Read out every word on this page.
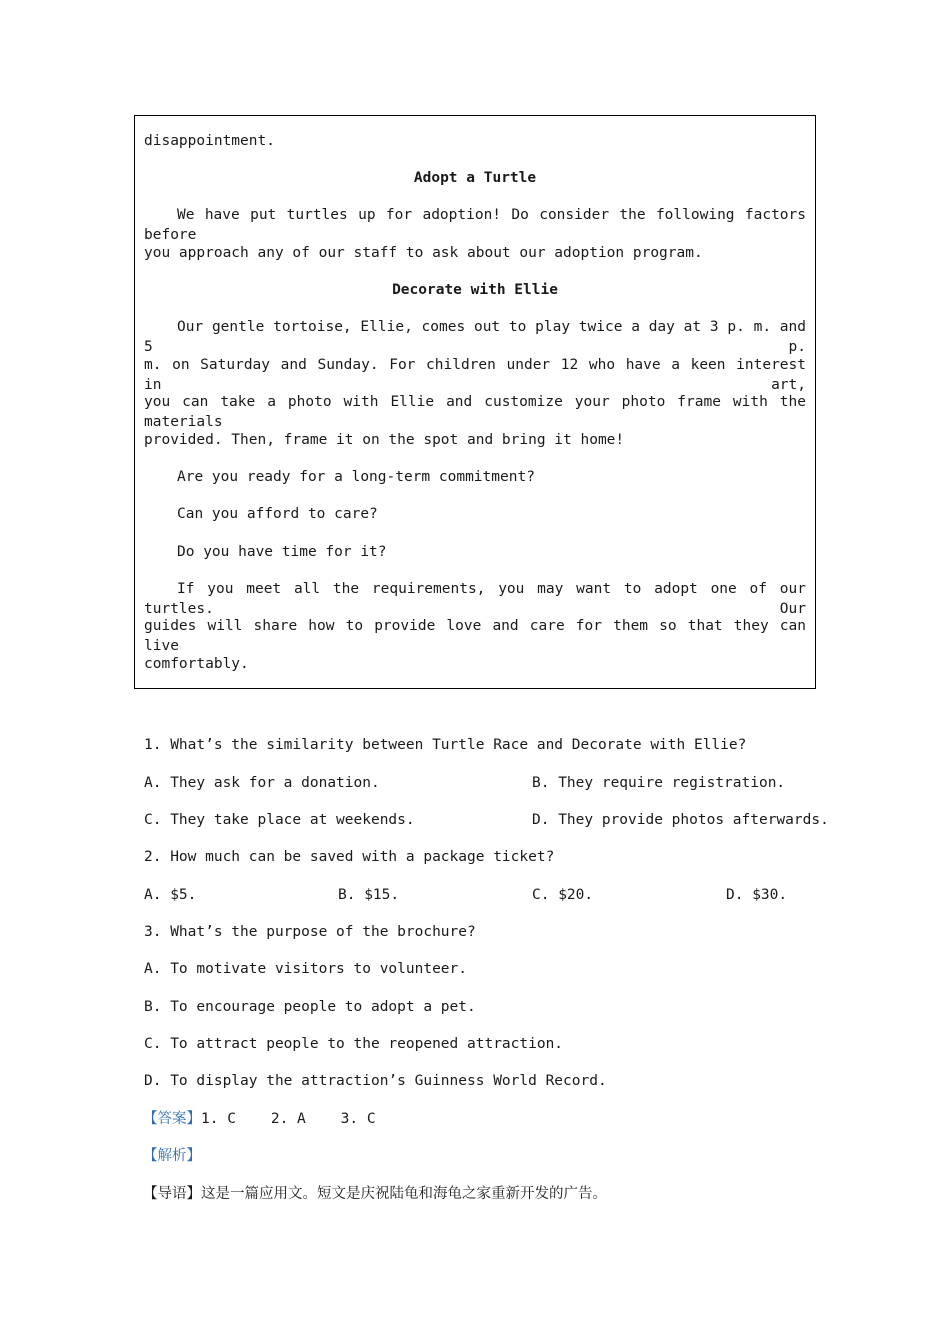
disappointment.
Adopt a Turtle
We have put turtles up for adoption! Do consider the following factors before
you approach any of our staff to ask about our adoption program.
Decorate with Ellie
Our gentle tortoise, Ellie, comes out to play twice a day at 3 p. m. and 5 p.
m. on Saturday and Sunday. For children under 12 who have a keen interest in art,
you can take a photo with Ellie and customize your photo frame with the materials
provided. Then, frame it on the spot and bring it home!
Are you ready for a long-term commitment?
Can you afford to care?
Do you have time for it?
If you meet all the requirements, you may want to adopt one of our turtles. Our
guides will share how to provide love and care for them so that they can live
comfortably.
1. What’s the similarity between Turtle Race and Decorate with Ellie?
A. They ask for a donation.	B. They require registration.
C. They take place at weekends.	D. They provide photos afterwards.
2. How much can be saved with a package ticket?
A. $5.	B. $15.	C. $20.	D. $30.
3. What’s the purpose of the brochure?
A. To motivate visitors to volunteer.
B. To encourage people to adopt a pet.
C. To attract people to the reopened attraction.
D. To display the attraction’s Guinness World Record.
【答案】1. C    2. A    3. C
【解析】
【导语】这是一篇应用文。短文是庆祝陆龟和海龟之家重新开发的广告。
